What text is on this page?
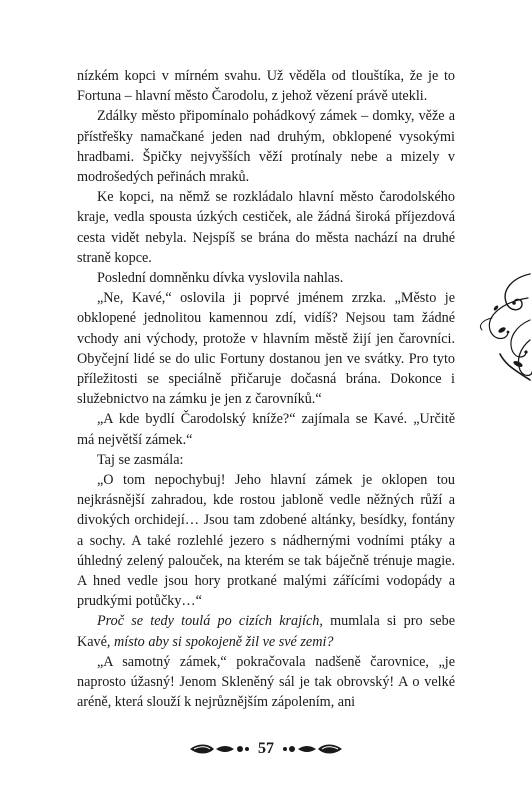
nízkém kopci v mírném svahu. Už věděla od tlouštíka, že je to Fortuna – hlavní město Čarodolu, z jehož vězení právě utekli.

Zdálky město připomínalo pohádkový zámek – domky, věže a přístřešky namačkané jeden nad druhým, obklopené vysokými hradbami. Špičky nejvyšších věží protínaly nebe a mizely v modrošedých peřinách mraků.

Ke kopci, na němž se rozkládalo hlavní město čarodolského kraje, vedla spousta úzkých cestiček, ale žádná široká příjezdová cesta vidět nebyla. Nejspíš se brána do města nachází na druhé straně kopce.

Poslední domněnku dívka vyslovila nahlas.

„Ne, Kavé,“ oslovila ji poprvé jménem zrzka. „Město je obklopené jednolitou kamennou zdí, vidíš? Nejsou tam žádné vchody ani východy, protože v hlavním městě žijí jen čarovníci. Obyčejní lidé se do ulic Fortuny dostanou jen ve svátky. Pro tyto příležitosti se speciálně přičaruje dočasná brána. Dokonce i služebnictvo na zámku je jen z čarovníků.“

„A kde bydlí Čarodolský kníže?“ zajímala se Kavé. „Určitě má největší zámek.“

Taj se zasmála:

„O tom nepochybuj! Jeho hlavní zámek je oklopen tou nejkrásnější zahradou, kde rostou jabloně vedle něžných růží a divokých orchidejí… Jsou tam zdobené altánky, besídky, fontány a sochy. A také rozlehlé jezero s nádhernými vodními ptáky a úhledný zelený palouček, na kterém se tak báječně trénuje magie. A hned vedle jsou hory protkané malými zářícími vodopády a prudkými potůčky…“

Proč se tedy toulá po cizích krajích, mumlala si pro sebe Kavé, místo aby si spokojeně žil ve své zemi?

„A samotný zámek,“ pokračovala nadšeně čarovnice, „je naprosto úžasný! Jenom Skleněný sál je tak obrovský! A o velké aréně, která slouží k nejrůznějším zápolením, ani

57
